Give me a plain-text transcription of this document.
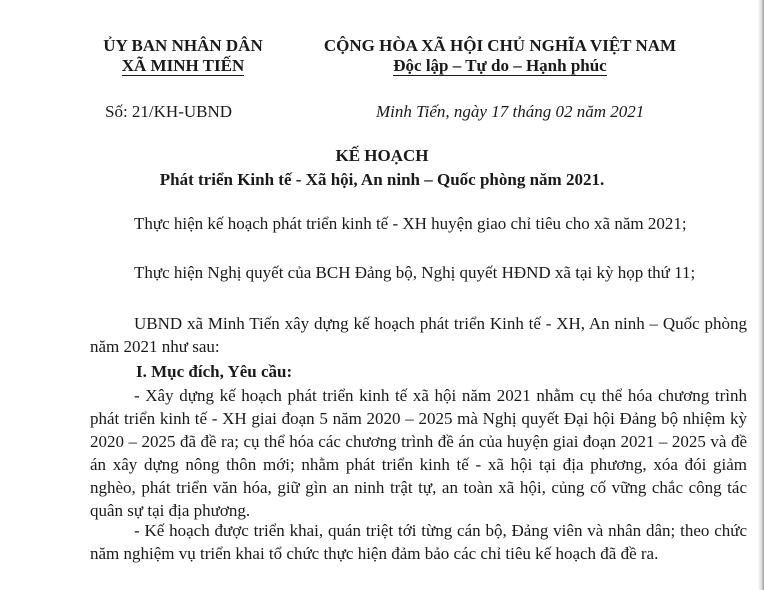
ỦY BAN NHÂN DÂN
XÃ MINH TIẾN
CỘNG HÒA XÃ HỘI CHỦ NGHĨA VIỆT NAM
Độc lập – Tự do – Hạnh phúc
Số: 21/KH-UBND	Minh Tiến, ngày 17 tháng 02 năm 2021
KẾ HOẠCH
Phát triển Kinh tế - Xã hội, An ninh – Quốc phòng năm 2021.

Thực hiện kế hoạch phát triển kinh tế - XH huyện giao chỉ tiêu cho xã năm 2021;

Thực hiện Nghị quyết của BCH Đảng bộ, Nghị quyết HĐND xã tại kỳ họp thứ 11;

UBND xã Minh Tiến xây dựng kế hoạch phát triển Kinh tế - XH, An ninh – Quốc phòng năm 2021 như sau:

I. Mục đích, Yêu cầu:

- Xây dựng kế hoạch phát triển kinh tế xã hội năm 2021 nhằm cụ thể hóa chương trình phát triển kinh tế - XH giai đoạn 5 năm 2020 – 2025 mà Nghị quyết Đại hội Đảng bộ nhiệm kỳ 2020 – 2025 đã đề ra; cụ thể hóa các chương trình đề án của huyện giai đoạn 2021 – 2025 và đề án xây dựng nông thôn mới; nhằm phát triển kinh tế - xã hội tại địa phương, xóa đói giảm nghèo, phát triển văn hóa, giữ gìn an ninh trật tự, an toàn xã hội, củng cố vững chắc công tác quân sự tại địa phương.

- Kế hoạch được triển khai, quán triệt tới từng cán bộ, Đảng viên và nhân dân; theo chức năm nghiệm vụ triển khai tổ chức thực hiện đảm bảo các chỉ tiêu kế hoạch đã đề ra.
